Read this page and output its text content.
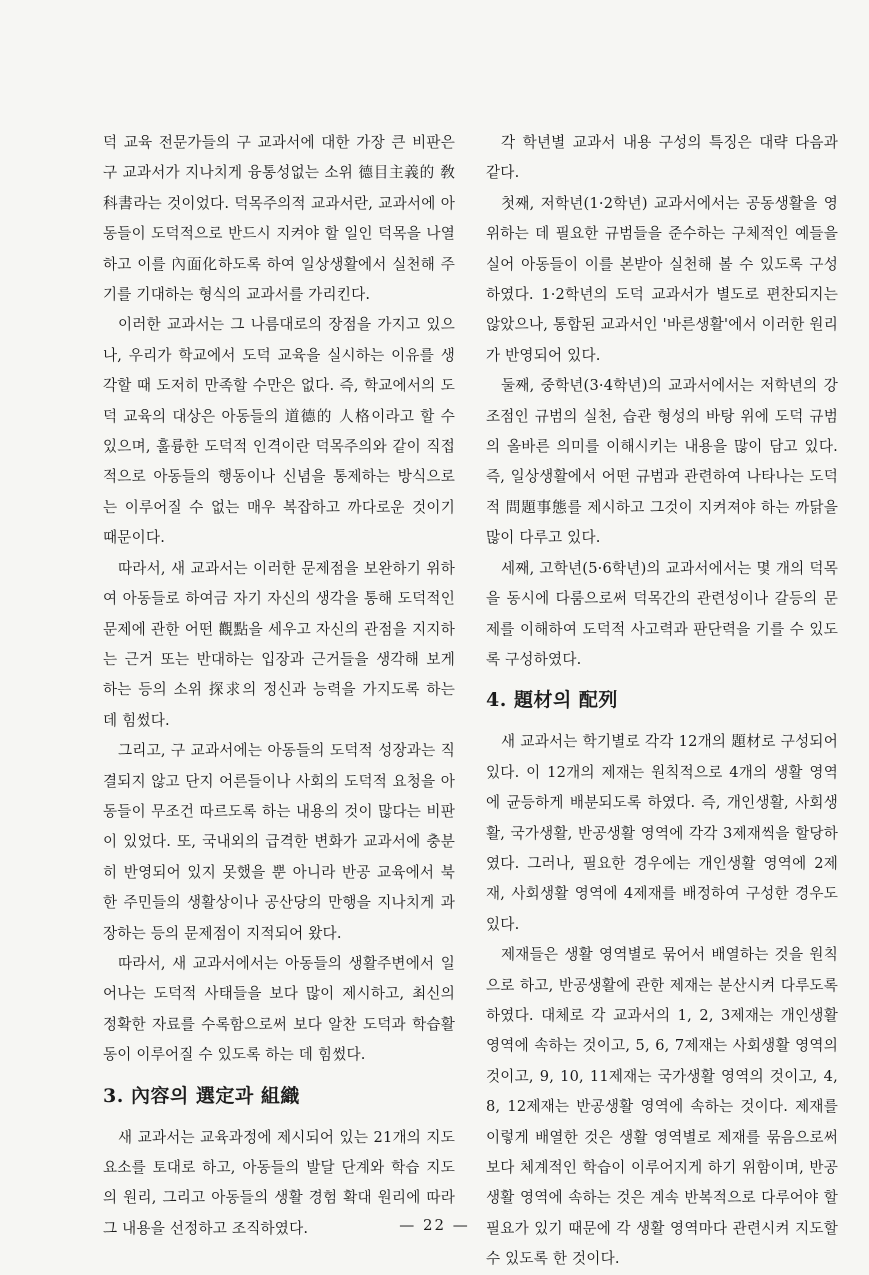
덕 교육 전문가들의 구 교과서에 대한 가장 큰 비판은 구 교과서가 지나치게 융통성없는 소위 德目主義的 敎科書라는 것이었다. 덕목주의적 교과서란, 교과서에 아동들이 도덕적으로 반드시 지켜야 할 일인 덕목을 나열하고 이를 內面化하도록 하여 일상생활에서 실천해 주기를 기대하는 형식의 교과서를 가리킨다.

이러한 교과서는 그 나름대로의 장점을 가지고 있으나, 우리가 학교에서 도덕 교육을 실시하는 이유를 생각할 때 도저히 만족할 수만은 없다. 즉, 학교에서의 도덕 교육의 대상은 아동들의 道德的 人格이라고 할 수 있으며, 훌륭한 도덕적 인격이란 덕목주의와 같이 직접적으로 아동들의 행동이나 신념을 통제하는 방식으로는 이루어질 수 없는 매우 복잡하고 까다로운 것이기 때문이다.

따라서, 새 교과서는 이러한 문제점을 보완하기 위하여 아동들로 하여금 자기 자신의 생각을 통해 도덕적인 문제에 관한 어떤 觀點을 세우고 자신의 관점을 지지하는 근거 또는 반대하는 입장과 근거들을 생각해 보게 하는 등의 소위 探求의 정신과 능력을 가지도록 하는 데 힘썼다.

그리고, 구 교과서에는 아동들의 도덕적 성장과는 직결되지 않고 단지 어른들이나 사회의 도덕적 요청을 아동들이 무조건 따르도록 하는 내용의 것이 많다는 비판이 있었다. 또, 국내외의 급격한 변화가 교과서에 충분히 반영되어 있지 못했을 뿐 아니라 반공 교육에서 북한 주민들의 생활상이나 공산당의 만행을 지나치게 과장하는 등의 문제점이 지적되어 왔다.

따라서, 새 교과서에서는 아동들의 생활주변에서 일어나는 도덕적 사태들을 보다 많이 제시하고, 최신의 정확한 자료를 수록함으로써 보다 알찬 도덕과 학습활동이 이루어질 수 있도록 하는 데 힘썼다.

3. 內容의 選定과 組織

새 교과서는 교육과정에 제시되어 있는 21개의 지도 요소를 토대로 하고, 아동들의 발달 단계와 학습 지도의 원리, 그리고 아동들의 생활 경험 확대 원리에 따라 그 내용을 선정하고 조직하였다.

각 학년별 교과서 내용 구성의 특징은 대략 다음과 같다.

첫째, 저학년(1·2학년) 교과서에서는 공동생활을 영위하는 데 필요한 규범들을 준수하는 구체적인 예들을 실어 아동들이 이를 본받아 실천해 볼 수 있도록 구성하였다. 1·2학년의 도덕 교과서가 별도로 편찬되지는 않았으나, 통합된 교과서인 '바른생활'에서 이러한 원리가 반영되어 있다.

둘째, 중학년(3·4학년)의 교과서에서는 저학년의 강조점인 규범의 실천, 습관 형성의 바탕 위에 도덕 규범의 올바른 의미를 이해시키는 내용을 많이 담고 있다. 즉, 일상생활에서 어떤 규범과 관련하여 나타나는 도덕적 問題事態를 제시하고 그것이 지켜져야 하는 까닭을 많이 다루고 있다.

세째, 고학년(5·6학년)의 교과서에서는 몇 개의 덕목을 동시에 다룸으로써 덕목간의 관련성이나 갈등의 문제를 이해하여 도덕적 사고력과 판단력을 기를 수 있도록 구성하였다.

4. 題材의 配列

새 교과서는 학기별로 각각 12개의 題材로 구성되어 있다. 이 12개의 제재는 원칙적으로 4개의 생활 영역에 균등하게 배분되도록 하였다. 즉, 개인생활, 사회생활, 국가생활, 반공생활 영역에 각각 3제재씩을 할당하였다. 그러나, 필요한 경우에는 개인생활 영역에 2제재, 사회생활 영역에 4제재를 배정하여 구성한 경우도 있다.

제재들은 생활 영역별로 묶어서 배열하는 것을 원칙으로 하고, 반공생활에 관한 제재는 분산시켜 다루도록 하였다. 대체로 각 교과서의 1, 2, 3제재는 개인생활 영역에 속하는 것이고, 5, 6, 7제재는 사회생활 영역의 것이고, 9, 10, 11제재는 국가생활 영역의 것이고, 4, 8, 12제재는 반공생활 영역에 속하는 것이다. 제재를 이렇게 배열한 것은 생활 영역별로 제재를 묶음으로써 보다 체계적인 학습이 이루어지게 하기 위함이며, 반공생활 영역에 속하는 것은 계속 반복적으로 다루어야 할 필요가 있기 때문에 각 생활 영역마다 관련시켜 지도할 수 있도록 한 것이다.

— 22 —
